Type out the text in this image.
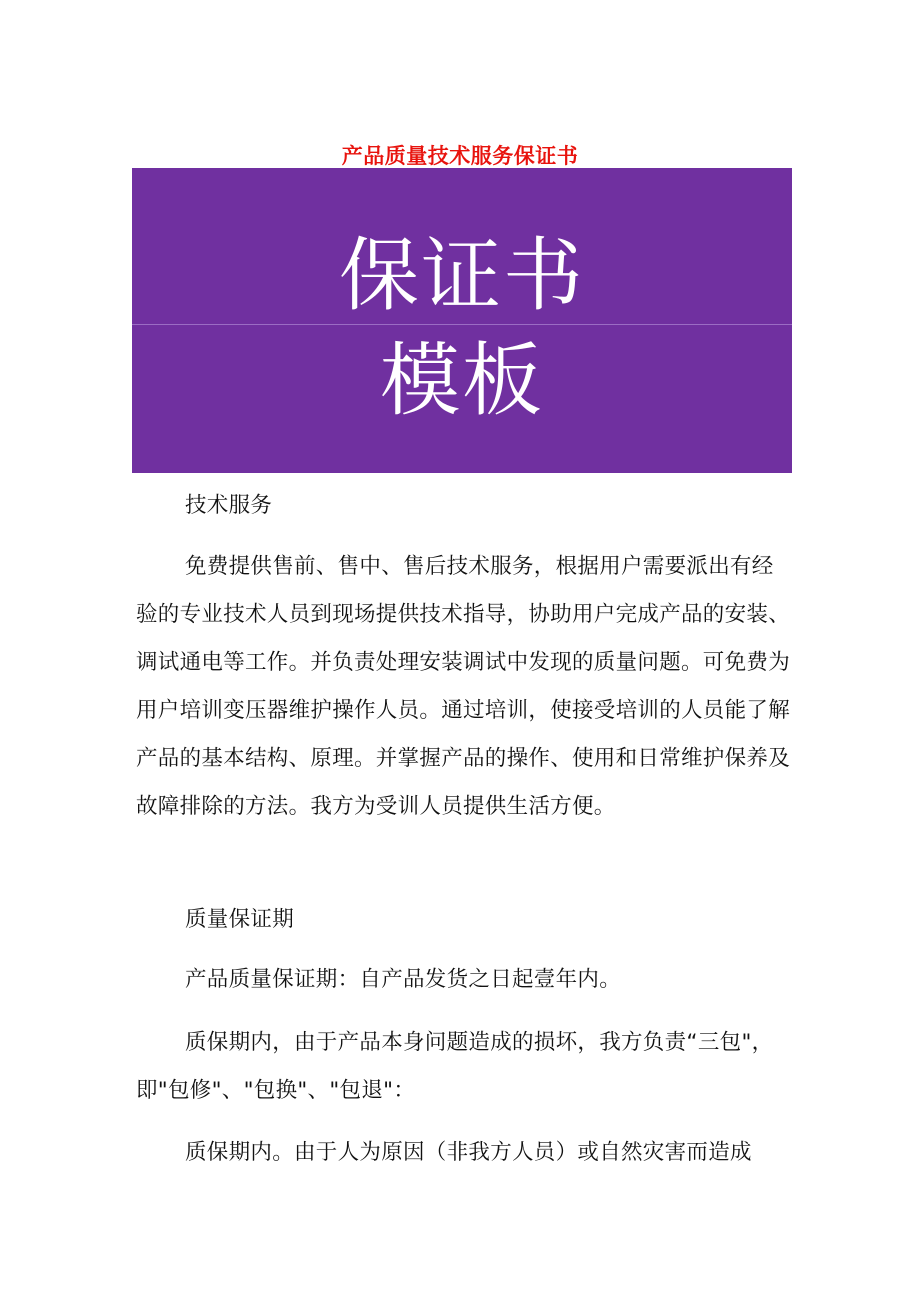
产品质量技术服务保证书
保证书
模板

技术服务

免费提供售前、售中、售后技术服务，根据用户需要派出有经验的专业技术人员到现场提供技术指导，协助用户完成产品的安装、调试通电等工作。并负责处理安装调试中发现的质量问题。可免费为用户培训变压器维护操作人员。通过培训，使接受培训的人员能了解产品的基本结构、原理。并掌握产品的操作、使用和日常维护保养及故障排除的方法。我方为受训人员提供生活方便。

质量保证期

产品质量保证期：自产品发货之日起壹年内。

质保期内，由于产品本身问题造成的损坏，我方负责“三包"，即"包修"、"包换"、"包退"：

质保期内。由于人为原因（非我方人员）或自然灾害而造成
